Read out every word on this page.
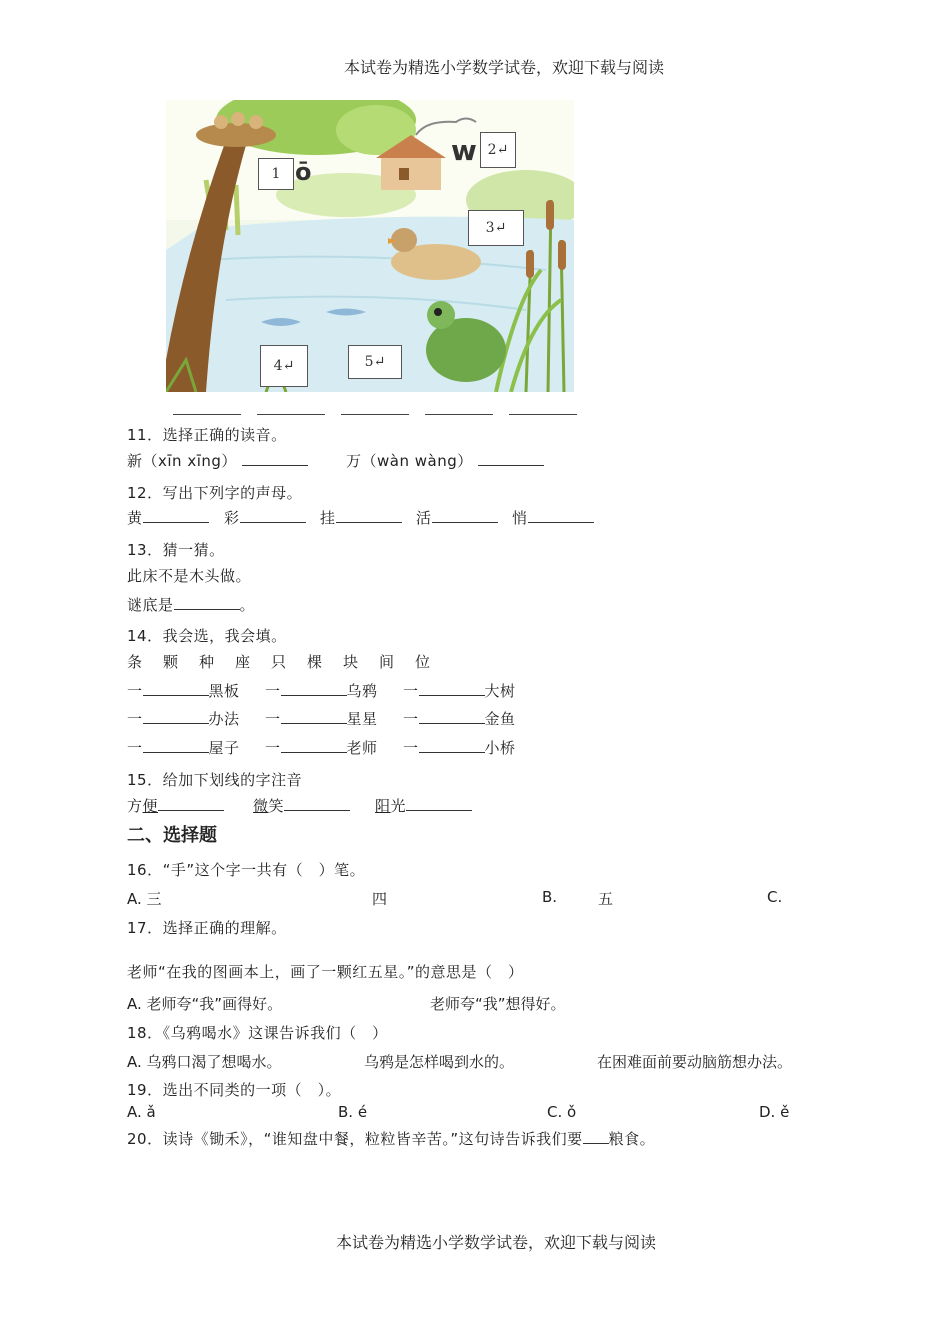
本试卷为精选小学数学试卷，欢迎下载与阅读
1 ō
w 2↵
3↵
4↵	5↵
11．选择正确的读音。
新（xīn xīng）	万（wàn wàng）
12．写出下列字的声母。
黄	彩	挂	活	悄
13．猜一猜。
此床不是木头做。
谜底是	。
14．我会选，我会填。
条　颗　种　座　只　棵　块　间　位
一	黑板 一	乌鸦 一	大树
一	办法 一	星星 一	金鱼
一	屋子 一	老师 一	小桥
15．给加下划线的字注音
方便	微笑	阳光
二、选择题
16．“手”这个字一共有（　）笔。
A. 三	四	B.	五	C.
17．选择正确的理解。
老师“在我的图画本上，画了一颗红五星。”的意思是（　）
A. 老师夸“我”画得好。	老师夸“我”想得好。
18．《乌鸦喝水》这课告诉我们（　）
A. 乌鸦口渴了想喝水。	乌鸦是怎样喝到水的。	在困难面前要动脑筋想办法。
19．选出不同类的一项（　）。
A. ǎ	B. é	C. ǒ	D. ě
20．读诗《锄禾》，“谁知盘中餐，粒粒皆辛苦。”这句诗告诉我们要 粮食。
本试卷为精选小学数学试卷，欢迎下载与阅读
